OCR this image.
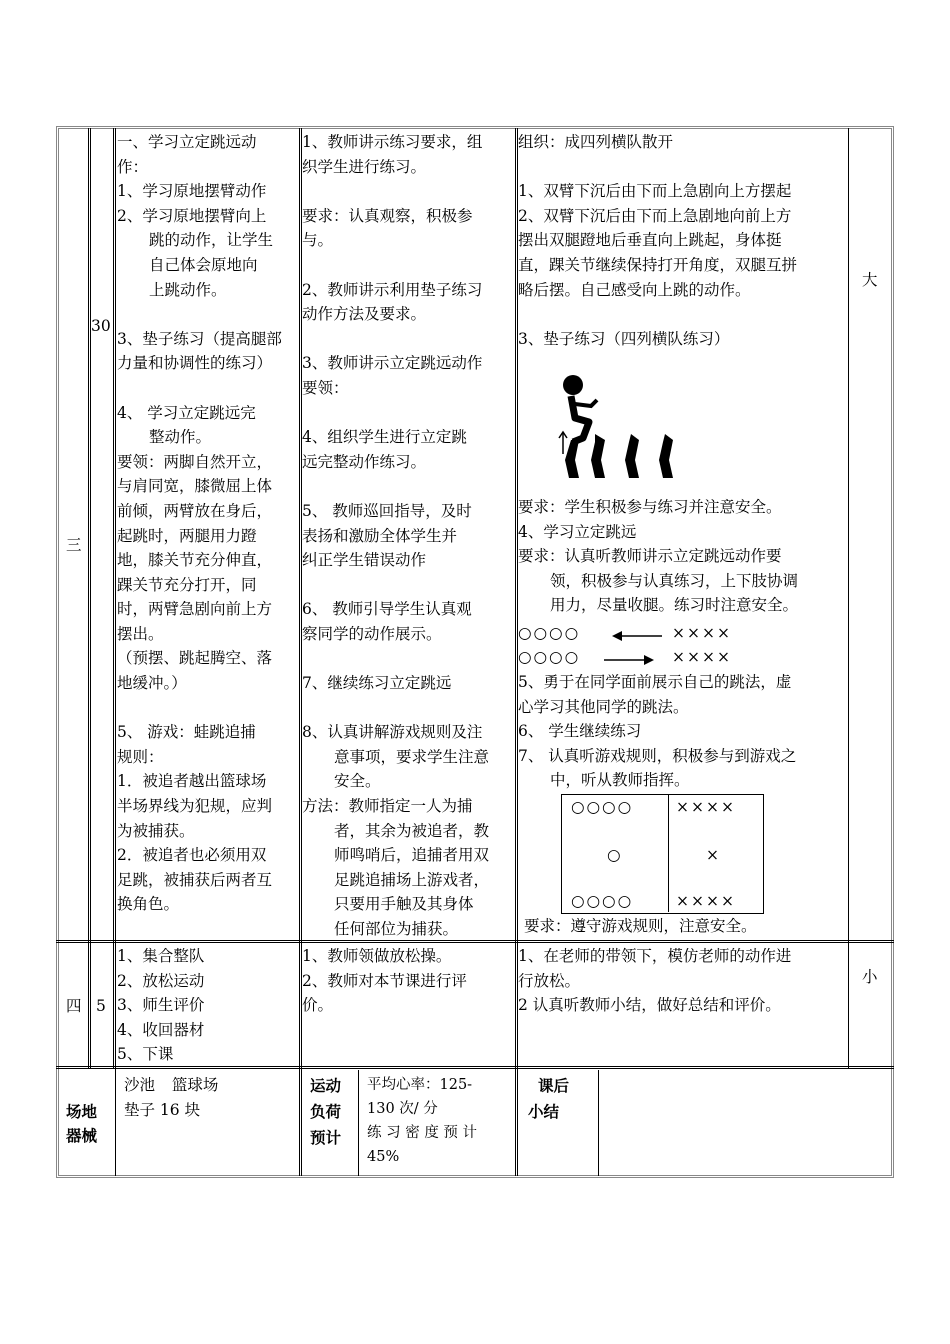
三
30
大

一、学习立定跳远动

作：

1、学习原地摆臂动作

2、学习原地摆臂向上

跳的动作，让学生

自己体会原地向

上跳动作。

3、垫子练习（提高腿部

力量和协调性的练习）

4、 学习立定跳远完

整动作。

要领：两脚自然开立，

与肩同宽，膝微屈上体

前倾，两臂放在身后，

起跳时，两腿用力蹬

地，膝关节充分伸直，

踝关节充分打开，同

时，两臂急剧向前上方

摆出。

（预摆、跳起腾空、落

地缓冲。）

5、 游戏：蛙跳追捕

规则：

1．被追者越出篮球场

半场界线为犯规，应判

为被捕获。

2．被追者也必须用双

足跳，被捕获后两者互

换角色。

1、教师讲示练习要求，组

织学生进行练习。

要求：认真观察，积极参

与。

2、教师讲示利用垫子练习

动作方法及要求。

3、教师讲示立定跳远动作

要领：

4、组织学生进行立定跳

远完整动作练习。

5、 教师巡回指导，及时

表扬和激励全体学生并

纠正学生错误动作

6、 教师引导学生认真观

察同学的动作展示。

7、继续练习立定跳远

8、认真讲解游戏规则及注

意事项，要求学生注意

安全。

方法：教师指定一人为捕

者，其余为被追者，教

师鸣哨后，追捕者用双

足跳追捕场上游戏者，

只要用手触及其身体

任何部位为捕获。

组织：成四列横队散开

1、双臂下沉后由下而上急剧向上方摆起

2、双臂下沉后由下而上急剧地向前上方

摆出双腿蹬地后垂直向上跳起，身体挺

直，踝关节继续保持打开角度，双腿互拼

略后摆。自己感受向上跳的动作。

3、垫子练习（四列横队练习）

要求：学生积极参与练习并注意安全。

4、学习立定跳远

要求：认真听教师讲示立定跳远动作要

领，积极参与认真练习，上下肢协调

用力，尽量收腿。练习时注意安全。

○○○○	××××
○○○○	××××

5、勇于在同学面前展示自己的跳法，虚

心学习其他同学的跳法。

6、 学生继续练习

7、 认真听游戏规则，积极参与到游戏之

中，听从教师指挥。

○○○○
○
○○○○
××××
×
××××
要求：遵守游戏规则，注意安全。
四 5
小

1、集合整队

2、放松运动

3、师生评价

4、收回器材

5、下课

1、教师领做放松操。

2、教师对本节课进行评

价。

1、在老师的带领下，模仿老师的动作进

行放松。

2 认真听教师小结，做好总结和评价。

场地

器械

沙池 篮球场

垫子 16 块

运动

负荷

预计

平均心率：125-

130 次/ 分

练 习 密 度 预 计

45%

课后

小结
